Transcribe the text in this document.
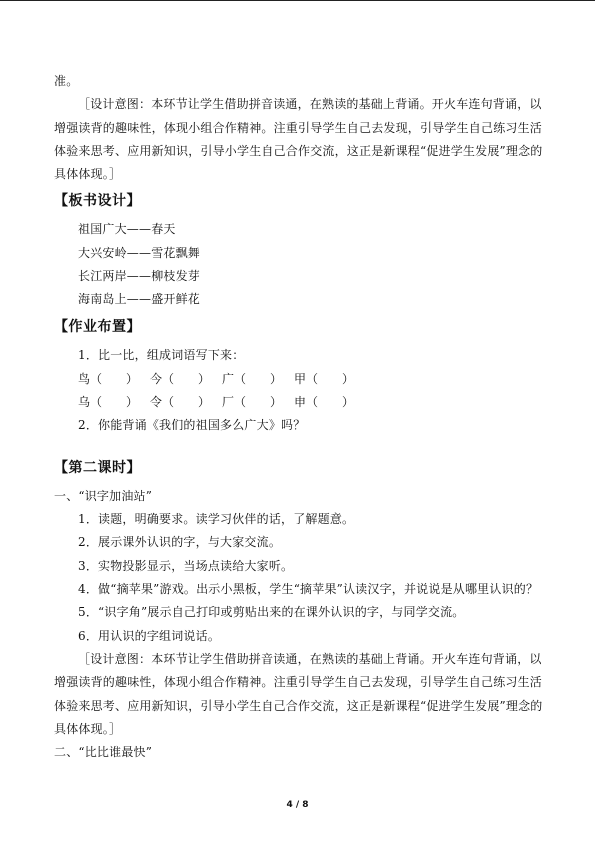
准。

［设计意图：本环节让学生借助拼音读通，在熟读的基础上背诵。开火车连句背诵，以增强读背的趣味性，体现小组合作精神。注重引导学生自己去发现，引导学生自己练习生活体验来思考、应用新知识，引导小学生自己合作交流，这正是新课程“促进学生发展”理念的具体体现。］

【板书设计】

祖国广大——春天

大兴安岭——雪花飘舞

长江两岸——柳枝发芽

海南岛上——盛开鲜花

【作业布置】

1．比一比，组成词语写下来：

鸟（　　）	今（　　）	广（　　）	甲（　　）
乌（　　）	令（　　）	厂（　　）	申（　　）

2．你能背诵《我们的祖国多么广大》吗？

【第二课时】

一、“识字加油站”

1．读题，明确要求。读学习伙伴的话，了解题意。

2．展示课外认识的字，与大家交流。

3．实物投影显示，当场点读给大家听。

4．做“摘苹果”游戏。出示小黑板，学生“摘苹果”认读汉字，并说说是从哪里认识的？

5．“识字角”展示自己打印或剪贴出来的在课外认识的字，与同学交流。

6．用认识的字组词说话。

［设计意图：本环节让学生借助拼音读通，在熟读的基础上背诵。开火车连句背诵，以增强读背的趣味性，体现小组合作精神。注重引导学生自己去发现，引导学生自己练习生活体验来思考、应用新知识，引导小学生自己合作交流，这正是新课程“促进学生发展”理念的具体体现。］

二、“比比谁最快”

4 / 8
